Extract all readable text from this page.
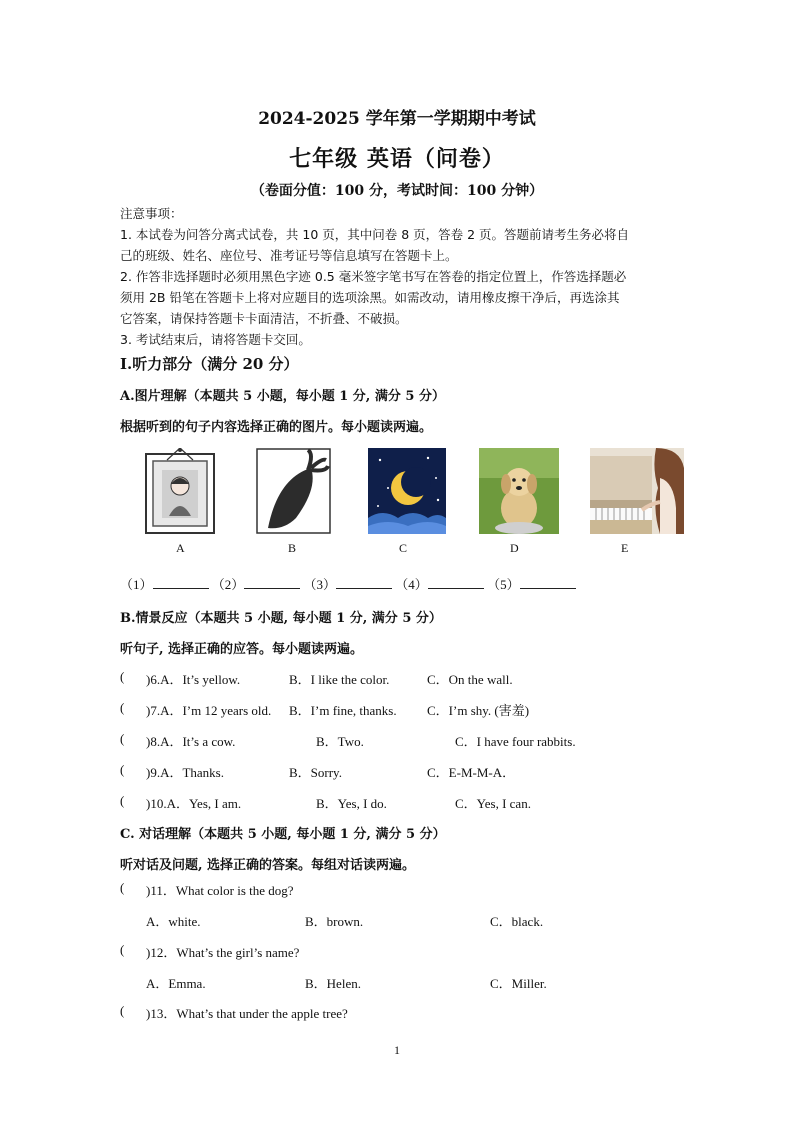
2024-2025 学年第一学期期中考试
七年级 英语（问卷）
（卷面分值：100 分，考试时间：100 分钟）
注意事项：
1. 本试卷为问答分离式试卷，共 10 页，其中问卷 8 页，答卷 2 页。答题前请考生务必将自
己的班级、姓名、座位号、准考证号等信息填写在答题卡上。
2. 作答非选择题时必须用黑色字迹 0.5 毫米签字笔书写在答卷的指定位置上，作答选择题必
须用 2B 铅笔在答题卡上将对应题目的选项涂黑。如需改动，请用橡皮擦干净后，再选涂其
它答案，请保持答题卡卡面清洁，不折叠、不破损。
3. 考试结束后，请将答题卡交回。
I.听力部分（满分 20 分）
A.图片理解（本题共 5 小题，每小题 1 分, 满分 5 分）
根据听到的句子内容选择正确的图片。每小题读两遍。
A	B	C	D	E
（1）	（2）	（3）	（4）	（5）
B.情景反应（本题共 5 小题, 每小题 1 分, 满分 5 分）
听句子, 选择正确的应答。每小题读两遍。
( )6.A．It’s yellow.	B．I like the color.	C．On the wall.
( )7.A．I’m 12 years old. B．I’m fine, thanks. C．I’m shy. (害羞)
( )8.A．It’s a cow.	B．Two.	C．I have four rabbits.
( )9.A．Thanks.	B．Sorry.	C．E-M-M-A．
( )10.A．Yes, I am.	B．Yes, I do.	C．Yes, I can.
C. 对话理解（本题共 5 小题, 每小题 1 分, 满分 5 分）
听对话及问题, 选择正确的答案。每组对话读两遍。
( )11．What color is the dog?
A．white.	B．brown.	C．black.
( )12．What’s the girl’s name?
A．Emma.	B．Helen.	C．Miller.
( )13．What’s that under the apple tree?
1
